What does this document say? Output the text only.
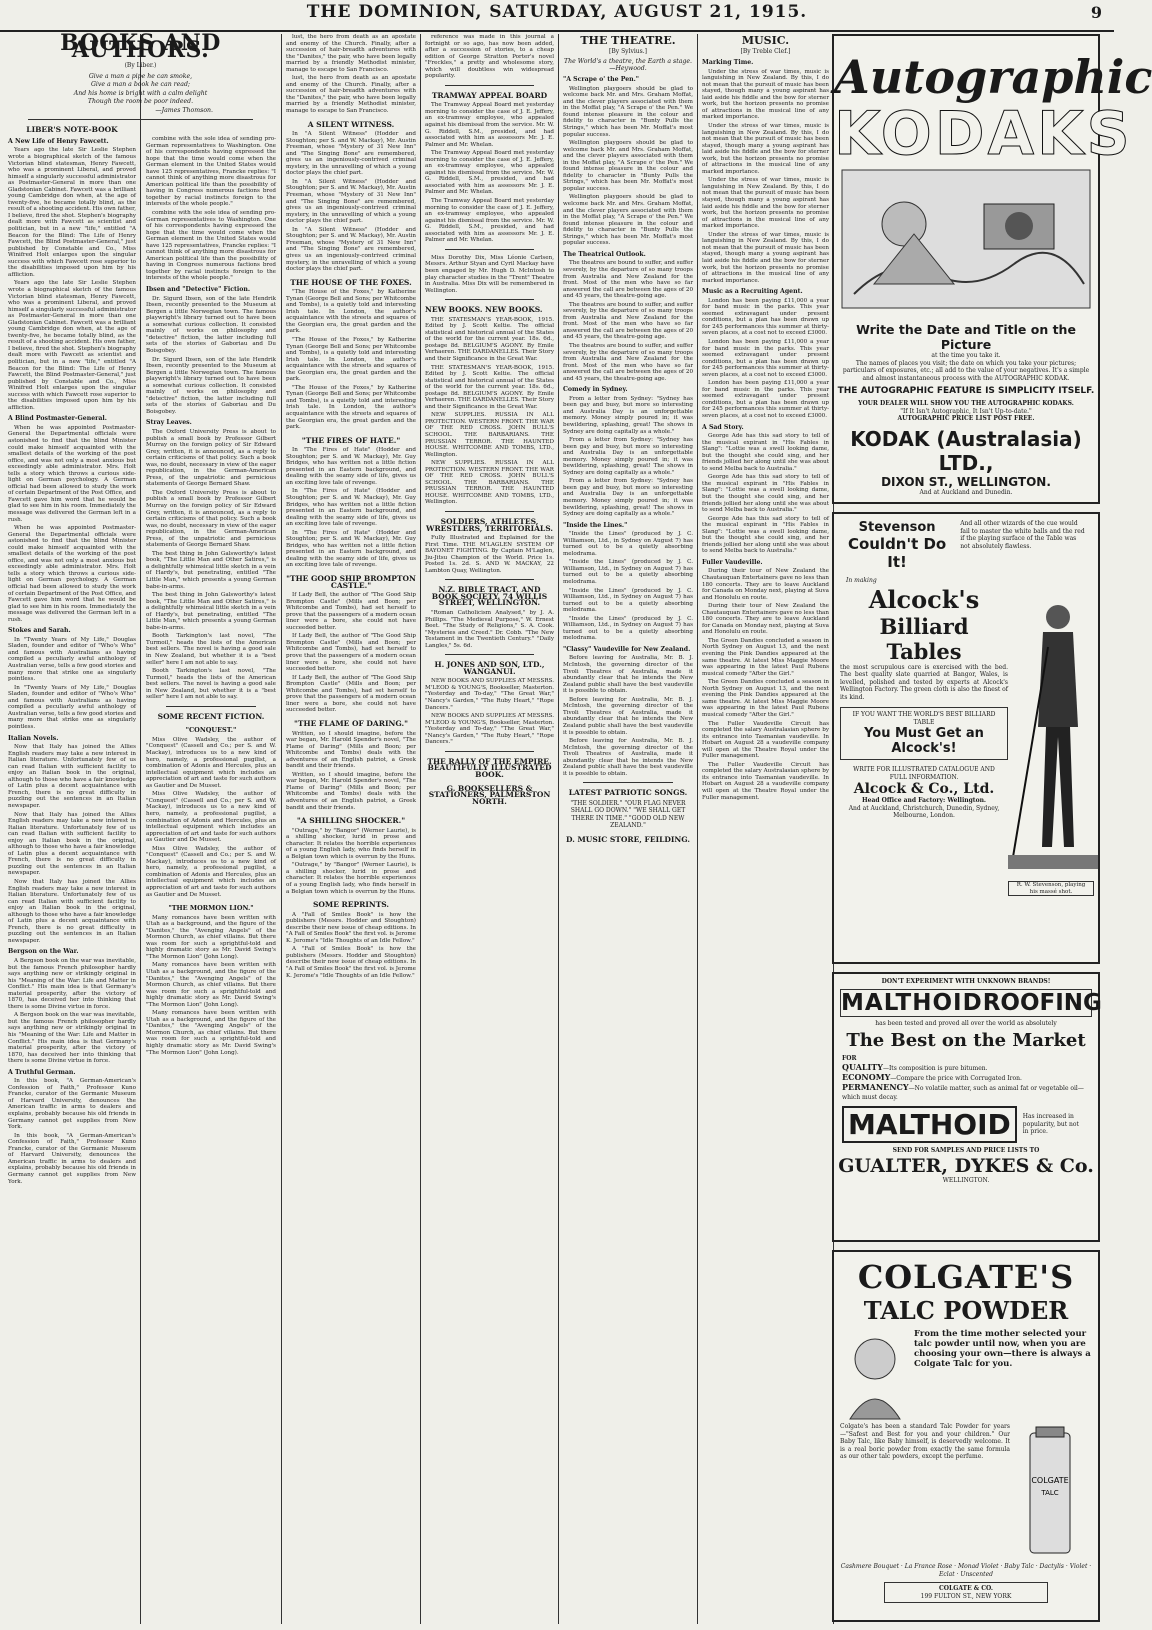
THE DOMINION, SATURDAY, AUGUST 21, 1915.	9
BOOKS AND AUTHORS.
(By Liber.)
Give a man a pipe he can smoke,
Give a man a book he can read;
And his home is bright with a calm delight
Though the room be poor indeed.
—James Thomson.
LIBER'S NOTE-BOOK
A New Life of Henry Fawcett.

Years ago the late Sir Leslie Stephen wrote a biographical sketch of the famous Victorian blind statesman, Henry Fawcett, who was a prominent Liberal, and proved himself a singularly successful administrator as Postmaster-General in more than one Gladstonian Cabinet. Fawcett was a brilliant young Cambridge don when, at the age of twenty-five, he became totally blind, as the result of a shooting accident. His own father, I believe, fired the shot. Stephen's biography dealt more with Fawcett as scientist and politician, but in a new "life," entitled "A Beacon for the Blind: The Life of Henry Fawcett, the Blind Postmaster-General," just published by Constable and Co., Miss Winifred Holt enlarges upon the singular success with which Fawcett rose superior to the disabilities imposed upon him by his affliction.

Years ago the late Sir Leslie Stephen wrote a biographical sketch of the famous Victorian blind statesman, Henry Fawcett, who was a prominent Liberal, and proved himself a singularly successful administrator as Postmaster-General in more than one Gladstonian Cabinet. Fawcett was a brilliant young Cambridge don when, at the age of twenty-five, he became totally blind, as the result of a shooting accident. His own father, I believe, fired the shot. Stephen's biography dealt more with Fawcett as scientist and politician, but in a new "life," entitled "A Beacon for the Blind: The Life of Henry Fawcett, the Blind Postmaster-General," just published by Constable and Co., Miss Winifred Holt enlarges upon the singular success with which Fawcett rose superior to the disabilities imposed upon him by his affliction.

A Blind Postmaster-General.

When he was appointed Postmaster-General the Departmental officials were astonished to find that the blind Minister could make himself acquainted with the smallest details of the working of the post office, and was not only a most anxious but exceedingly able administrator. Mrs. Holt tells a story which throws a curious side-light on German psychology. A German official had been allowed to study the work of certain Department of the Post Office, and Fawcett gave him word that he would be glad to see him in his room. Immediately the message was delivered the German left in a rush.

When he was appointed Postmaster-General the Departmental officials were astonished to find that the blind Minister could make himself acquainted with the smallest details of the working of the post office, and was not only a most anxious but exceedingly able administrator. Mrs. Holt tells a story which throws a curious side-light on German psychology. A German official had been allowed to study the work of certain Department of the Post Office, and Fawcett gave him word that he would be glad to see him in his room. Immediately the message was delivered the German left in a rush.

Stokes and Sarah.

In "Twenty Years of My Life," Douglas Sladen, founder and editor of "Who's Who" and famous with Australians as having compiled a peculiarly awful anthology of Australian verse, tells a few good stories and many more that strike one as singularly pointless.

In "Twenty Years of My Life," Douglas Sladen, founder and editor of "Who's Who" and famous with Australians as having compiled a peculiarly awful anthology of Australian verse, tells a few good stories and many more that strike one as singularly pointless.

Italian Novels.

Now that Italy has joined the Allies English readers may take a new interest in Italian literature. Unfortunately few of us can read Italian with sufficient facility to enjoy an Italian book in the original, although to those who have a fair knowledge of Latin plus a decent acquaintance with French, there is no great difficulty in puzzling out the sentences in an Italian newspaper.

Now that Italy has joined the Allies English readers may take a new interest in Italian literature. Unfortunately few of us can read Italian with sufficient facility to enjoy an Italian book in the original, although to those who have a fair knowledge of Latin plus a decent acquaintance with French, there is no great difficulty in puzzling out the sentences in an Italian newspaper.

Now that Italy has joined the Allies English readers may take a new interest in Italian literature. Unfortunately few of us can read Italian with sufficient facility to enjoy an Italian book in the original, although to those who have a fair knowledge of Latin plus a decent acquaintance with French, there is no great difficulty in puzzling out the sentences in an Italian newspaper.

Bergson on the War.

A Bergson book on the war was inevitable, but the famous French philosopher hardly says anything new or strikingly original in his "Meaning of the War: Life and Matter in Conflict." His main idea is that Germany's material prosperity, after the victory of 1870, has deceived her into thinking that there is some Divine virtue in force.

A Bergson book on the war was inevitable, but the famous French philosopher hardly says anything new or strikingly original in his "Meaning of the War: Life and Matter in Conflict." His main idea is that Germany's material prosperity, after the victory of 1870, has deceived her into thinking that there is some Divine virtue in force.

A Truthful German.

In this book, "A German-American's Confession of Faith," Professor Kuno Francke, curator of the Germanic Museum of Harvard University, denounces the American traffic in arms to dealers and explains, probably because his old friends in Germany cannot get supplies from New York.

In this book, "A German-American's Confession of Faith," Professor Kuno Francke, curator of the Germanic Museum of Harvard University, denounces the American traffic in arms to dealers and explains, probably because his old friends in Germany cannot get supplies from New York.

combine with the sole idea of sending pro-German representatives to Washington. One of his correspondents having expressed the hope that the time would come when the German element in the United States would have 125 representatives, Francke replies: "I cannot think of anything more disastrous for American political life than the possibility of having in Congress numerous factions bred together by racial instincts foreign to the interests of the whole people."

combine with the sole idea of sending pro-German representatives to Washington. One of his correspondents having expressed the hope that the time would come when the German element in the United States would have 125 representatives, Francke replies: "I cannot think of anything more disastrous for American political life than the possibility of having in Congress numerous factions bred together by racial instincts foreign to the interests of the whole people."

Ibsen and "Detective" Fiction.

Dr. Sigurd Ibsen, son of the late Hendrik Ibsen, recently presented to the Museum at Bergen a little Norwegian town. The famous playwright's library turned out to have been a somewhat curious collection. It consisted mainly of works on philosophy and "detective" fiction, the latter including full sets of the stories of Gaboriau and Du Boisgobey.

Dr. Sigurd Ibsen, son of the late Hendrik Ibsen, recently presented to the Museum at Bergen a little Norwegian town. The famous playwright's library turned out to have been a somewhat curious collection. It consisted mainly of works on philosophy and "detective" fiction, the latter including full sets of the stories of Gaboriau and Du Boisgobey.

Stray Leaves.

The Oxford University Press is about to publish a small book by Professor Gilbert Murray on the foreign policy of Sir Edward Grey, written, it is announced, as a reply to certain criticisms of that policy. Such a book was, no doubt, necessary in view of the eager republication, in the German-American Press, of the unpatriotic and pernicious statements of George Bernard Shaw.

The Oxford University Press is about to publish a small book by Professor Gilbert Murray on the foreign policy of Sir Edward Grey, written, it is announced, as a reply to certain criticisms of that policy. Such a book was, no doubt, necessary in view of the eager republication, in the German-American Press, of the unpatriotic and pernicious statements of George Bernard Shaw.

The best thing in John Galsworthy's latest book, "The Little Man and Other Satires," is a delightfully whimsical little sketch in a vein of Hardy's, but penetrating, entitled "The Little Man," which presents a young German babe-in-arms.

The best thing in John Galsworthy's latest book, "The Little Man and Other Satires," is a delightfully whimsical little sketch in a vein of Hardy's, but penetrating, entitled "The Little Man," which presents a young German babe-in-arms.

Booth Tarkington's last novel, "The Turmoil," heads the lists of the American best sellers. The novel is having a good sale in New Zealand, but whether it is a "best seller" here I am not able to say.

Booth Tarkington's last novel, "The Turmoil," heads the lists of the American best sellers. The novel is having a good sale in New Zealand, but whether it is a "best seller" here I am not able to say.

SOME RECENT FICTION.
"CONQUEST."

Miss Olive Wadsley, the author of "Conquest" (Cassell and Co.; per S. and W. Mackay), introduces us to a new kind of hero, namely, a professional pugilist, a combination of Adonis and Hercules, plus an intellectual equipment which includes an appreciation of art and taste for such authors as Gautier and De Musset.

Miss Olive Wadsley, the author of "Conquest" (Cassell and Co.; per S. and W. Mackay), introduces us to a new kind of hero, namely, a professional pugilist, a combination of Adonis and Hercules, plus an intellectual equipment which includes an appreciation of art and taste for such authors as Gautier and De Musset.

Miss Olive Wadsley, the author of "Conquest" (Cassell and Co.; per S. and W. Mackay), introduces us to a new kind of hero, namely, a professional pugilist, a combination of Adonis and Hercules, plus an intellectual equipment which includes an appreciation of art and taste for such authors as Gautier and De Musset.

"THE MORMON LION."

Many romances have been written with Utah as a background, and the figure of the "Danites," the "Avenging Angels" of the Mormon Church, as chief villains. But there was room for such a sprightful-told and highly dramatic story as Mr. David Swing's "The Mormon Lion" (John Long).

Many romances have been written with Utah as a background, and the figure of the "Danites," the "Avenging Angels" of the Mormon Church, as chief villains. But there was room for such a sprightful-told and highly dramatic story as Mr. David Swing's "The Mormon Lion" (John Long).

Many romances have been written with Utah as a background, and the figure of the "Danites," the "Avenging Angels" of the Mormon Church, as chief villains. But there was room for such a sprightful-told and highly dramatic story as Mr. David Swing's "The Mormon Lion" (John Long).

lust, the hero from death as an apostate and enemy of the Church. Finally, after a succession of hair-breadth adventures with the "Danites," the pair, who have been legally married by a friendly Methodist minister, manage to escape to San Francisco.

lust, the hero from death as an apostate and enemy of the Church. Finally, after a succession of hair-breadth adventures with the "Danites," the pair, who have been legally married by a friendly Methodist minister, manage to escape to San Francisco.

A SILENT WITNESS.

In "A Silent Witness" (Hodder and Stoughton; per S. and W. Mackay), Mr. Austin Freeman, whose "Mystery of 31 New Inn" and "The Singing Bone" are remembered, gives us an ingeniously-contrived criminal mystery, in the unravelling of which a young doctor plays the chief part.

In "A Silent Witness" (Hodder and Stoughton; per S. and W. Mackay), Mr. Austin Freeman, whose "Mystery of 31 New Inn" and "The Singing Bone" are remembered, gives us an ingeniously-contrived criminal mystery, in the unravelling of which a young doctor plays the chief part.

In "A Silent Witness" (Hodder and Stoughton; per S. and W. Mackay), Mr. Austin Freeman, whose "Mystery of 31 New Inn" and "The Singing Bone" are remembered, gives us an ingeniously-contrived criminal mystery, in the unravelling of which a young doctor plays the chief part.

THE HOUSE OF THE FOXES.

"The House of the Foxes," by Katherine Tynan (George Bell and Sons; per Whitcombe and Tombs), is a quietly told and interesting Irish tale. In London, the author's acquaintance with the streets and squares of the Georgian era, the great garden and the park.

"The House of the Foxes," by Katherine Tynan (George Bell and Sons; per Whitcombe and Tombs), is a quietly told and interesting Irish tale. In London, the author's acquaintance with the streets and squares of the Georgian era, the great garden and the park.

"The House of the Foxes," by Katherine Tynan (George Bell and Sons; per Whitcombe and Tombs), is a quietly told and interesting Irish tale. In London, the author's acquaintance with the streets and squares of the Georgian era, the great garden and the park.

"THE FIRES OF HATE."

In "The Fires of Hate" (Hodder and Stoughton; per S. and W. Mackay), Mr. Guy Bridges, who has written not a little fiction presented in an Eastern background, and dealing with the seamy side of life, gives us an exciting love tale of revenge.

In "The Fires of Hate" (Hodder and Stoughton; per S. and W. Mackay), Mr. Guy Bridges, who has written not a little fiction presented in an Eastern background, and dealing with the seamy side of life, gives us an exciting love tale of revenge.

In "The Fires of Hate" (Hodder and Stoughton; per S. and W. Mackay), Mr. Guy Bridges, who has written not a little fiction presented in an Eastern background, and dealing with the seamy side of life, gives us an exciting love tale of revenge.

"THE GOOD SHIP BROMPTON CASTLE."

If Lady Bell, the author of "The Good Ship Brompton Castle" (Mills and Boon; per Whitcombe and Tombs), had set herself to prove that the passengers of a modern ocean liner were a bore, she could not have succeeded better.

If Lady Bell, the author of "The Good Ship Brompton Castle" (Mills and Boon; per Whitcombe and Tombs), had set herself to prove that the passengers of a modern ocean liner were a bore, she could not have succeeded better.

If Lady Bell, the author of "The Good Ship Brompton Castle" (Mills and Boon; per Whitcombe and Tombs), had set herself to prove that the passengers of a modern ocean liner were a bore, she could not have succeeded better.

"THE FLAME OF DARING."

Written, so I should imagine, before the war began, Mr. Harold Spender's novel, "The Flame of Daring" (Mills and Boon; per Whitcombe and Tombs) deals with the adventures of an English patriot, a Greek bandit and their friends.

Written, so I should imagine, before the war began, Mr. Harold Spender's novel, "The Flame of Daring" (Mills and Boon; per Whitcombe and Tombs) deals with the adventures of an English patriot, a Greek bandit and their friends.

"A SHILLING SHOCKER."

"Outrage," by "Bangor" (Werner Laurie), is a shilling shocker, lurid in prose and character. It relates the horrible experiences of a young English lady, who finds herself in a Belgian town which is overrun by the Huns.

"Outrage," by "Bangor" (Werner Laurie), is a shilling shocker, lurid in prose and character. It relates the horrible experiences of a young English lady, who finds herself in a Belgian town which is overrun by the Huns.

SOME REPRINTS.

A "Fall of Smiles Book" is how the publishers (Messrs. Hodder and Stoughton) describe their new issue of cheap editions. In "A Fall of Smiles Book" the first vol. is Jerome K. Jerome's "Idle Thoughts of an Idle Fellow."

A "Fall of Smiles Book" is how the publishers (Messrs. Hodder and Stoughton) describe their new issue of cheap editions. In "A Fall of Smiles Book" the first vol. is Jerome K. Jerome's "Idle Thoughts of an Idle Fellow."

reference was made in this journal a fortnight or so ago, has now been added, after a succession of stories, to a cheap edition of George Stratton Porter's novel "Freckles," a pretty and wholesome story, which will doubtless win widespread popularity.

TRAMWAY APPEAL BOARD

The Tramway Appeal Board met yesterday morning to consider the case of J. E. Jeffery, an ex-tramway employee, who appealed against his dismissal from the service. Mr. W. G. Riddell, S.M., presided, and had associated with him as assessors Mr. J. E. Palmer and Mr. Whelan.

The Tramway Appeal Board met yesterday morning to consider the case of J. E. Jeffery, an ex-tramway employee, who appealed against his dismissal from the service. Mr. W. G. Riddell, S.M., presided, and had associated with him as assessors Mr. J. E. Palmer and Mr. Whelan.

The Tramway Appeal Board met yesterday morning to consider the case of J. E. Jeffery, an ex-tramway employee, who appealed against his dismissal from the service. Mr. W. G. Riddell, S.M., presided, and had associated with him as assessors Mr. J. E. Palmer and Mr. Whelan.

Miss Dorothy Dix, Miss Léonie Carlsen, Messrs. Arthur Styan and Cyril Mackay have been engaged by Mr. Hugh D. McIntosh to play character studies in the "Trent" Theatre in Australia. Miss Dix will be remembered in Wellington.

NEW BOOKS. NEW BOOKS.

THE STATESMAN'S YEAR-BOOK, 1915. Edited by J. Scott Keltie. The official statistical and historical annual of the States of the world for the current year. 18s. 6d., postage 8d. BELGIUM'S AGONY. By Emile Verhaeren. THE DARDANELLES. Their Story and their Significance in the Great War.

THE STATESMAN'S YEAR-BOOK, 1915. Edited by J. Scott Keltie. The official statistical and historical annual of the States of the world for the current year. 18s. 6d., postage 8d. BELGIUM'S AGONY. By Emile Verhaeren. THE DARDANELLES. Their Story and their Significance in the Great War.

NEW SUPPLIES. RUSSIA IN ALL PROTECTION. WESTERN FRONT. THE WAR OF THE RED CROSS. JOHN BULL'S SCHOOL. THE BARBARIANS. THE PRUSSIAN TERROR. THE HAUNTED HOUSE. WHITCOMBE AND TOMBS, LTD., Wellington.

NEW SUPPLIES. RUSSIA IN ALL PROTECTION. WESTERN FRONT. THE WAR OF THE RED CROSS. JOHN BULL'S SCHOOL. THE BARBARIANS. THE PRUSSIAN TERROR. THE HAUNTED HOUSE. WHITCOMBE AND TOMBS, LTD., Wellington.

SOLDIERS, ATHLETES, WRESTLERS, TERRITORIALS.

Fully Illustrated and Explained for the First Time. THE M'LAGLEN SYSTEM OF BAYONET FIGHTING. By Captain M'Laglen, Jiu-Jitsu Champion of the World. Price 1s. Posted 1s. 2d. S. AND W. MACKAY, 22 Lambton Quay, Wellington.

N.Z. BIBLE TRACT, AND BOOK SOCIETY. 74 WILLIS STREET, WELLINGTON.

"Roman Catholicism Analysed," by J. A. Phillips. "The Medieval Purpose," W. Ernest Beet. "The Study of Religions," S. A. Cook. "Mysteries and Creed." Dr. Cobb. "The New Testament in the Twentieth Century." "Daily Langles," 5s. 6d.

H. JONES AND SON, LTD., WANGANUI.

NEW BOOKS AND SUPPLIES AT MESSRS. M'LEOD & YOUNG'S, Bookseller, Masterton. "Yesterday and To-day," "The Great War," "Nancy's Garden," "The Ruby Heart," "Rope Dancers."

NEW BOOKS AND SUPPLIES AT MESSRS. M'LEOD & YOUNG'S, Bookseller, Masterton. "Yesterday and To-day," "The Great War," "Nancy's Garden," "The Ruby Heart," "Rope Dancers."

THE RALLY OF THE EMPIRE. BEAUTIFULLY ILLUSTRATED BOOK.
G. BOOKSELLERS & STATIONERS, PALMERSTON NORTH.
THE THEATRE.
[By Sylvius.]
The World's a theatre, the Earth a stage.—Heywood.
"A Scrape o' the Pen."

Wellington playgoers should be glad to welcome back Mr. and Mrs. Graham Moffat, and the clever players associated with them in the Moffat play, "A Scrape o' the Pen." We found intense pleasure in the colour and fidelity to character in "Bunty Pulls the Strings," which has been Mr. Moffat's most popular success.

Wellington playgoers should be glad to welcome back Mr. and Mrs. Graham Moffat, and the clever players associated with them in the Moffat play, "A Scrape o' the Pen." We found intense pleasure in the colour and fidelity to character in "Bunty Pulls the Strings," which has been Mr. Moffat's most popular success.

Wellington playgoers should be glad to welcome back Mr. and Mrs. Graham Moffat, and the clever players associated with them in the Moffat play, "A Scrape o' the Pen." We found intense pleasure in the colour and fidelity to character in "Bunty Pulls the Strings," which has been Mr. Moffat's most popular success.

The Theatrical Outlook.

The theatres are bound to suffer, and suffer severely, by the departure of so many troops from Australia and New Zealand for the front. Most of the men who have so far answered the call are between the ages of 20 and 45 years, the theatre-going age.

The theatres are bound to suffer, and suffer severely, by the departure of so many troops from Australia and New Zealand for the front. Most of the men who have so far answered the call are between the ages of 20 and 45 years, the theatre-going age.

The theatres are bound to suffer, and suffer severely, by the departure of so many troops from Australia and New Zealand for the front. Most of the men who have so far answered the call are between the ages of 20 and 45 years, the theatre-going age.

Comedy in Sydney.

From a letter from Sydney: "Sydney has been gay and busy, but more so interesting and Australia Day is an unforgettable memory. Money simply poured in; it was bewildering, splashing, great! The shows in Sydney are doing capitally as a whole."

From a letter from Sydney: "Sydney has been gay and busy, but more so interesting and Australia Day is an unforgettable memory. Money simply poured in; it was bewildering, splashing, great! The shows in Sydney are doing capitally as a whole."

From a letter from Sydney: "Sydney has been gay and busy, but more so interesting and Australia Day is an unforgettable memory. Money simply poured in; it was bewildering, splashing, great! The shows in Sydney are doing capitally as a whole."

"Inside the Lines."

"Inside the Lines" (produced by J. C. Williamson, Ltd., in Sydney on August 7) has turned out to be a quietly absorbing melodrama.

"Inside the Lines" (produced by J. C. Williamson, Ltd., in Sydney on August 7) has turned out to be a quietly absorbing melodrama.

"Inside the Lines" (produced by J. C. Williamson, Ltd., in Sydney on August 7) has turned out to be a quietly absorbing melodrama.

"Inside the Lines" (produced by J. C. Williamson, Ltd., in Sydney on August 7) has turned out to be a quietly absorbing melodrama.

"Classy" Vaudeville for New Zealand.

Before leaving for Australia, Mr. B. J. McIntosh, the governing director of the Tivoli Theatres of Australia, made it abundantly clear that he intends the New Zealand public shall have the best vaudeville it is possible to obtain.

Before leaving for Australia, Mr. B. J. McIntosh, the governing director of the Tivoli Theatres of Australia, made it abundantly clear that he intends the New Zealand public shall have the best vaudeville it is possible to obtain.

Before leaving for Australia, Mr. B. J. McIntosh, the governing director of the Tivoli Theatres of Australia, made it abundantly clear that he intends the New Zealand public shall have the best vaudeville it is possible to obtain.

LATEST PATRIOTIC SONGS.
"THE SOLDIER." "OUR FLAG NEVER SHALL GO DOWN." "WE SHALL GET THERE IN TIME." "GOOD OLD NEW ZEALAND."
D. MUSIC STORE, FEILDING.
MUSIC.
[By Treble Clef.]
Marking Time.

Under the stress of war times, music is languishing in New Zealand. By this, I do not mean that the pursuit of music has been stayed, though many a young aspirant has laid aside his fiddle and the bow for sterner work, but the horizon presents no promise of attractions in the musical line of any marked importance.

Under the stress of war times, music is languishing in New Zealand. By this, I do not mean that the pursuit of music has been stayed, though many a young aspirant has laid aside his fiddle and the bow for sterner work, but the horizon presents no promise of attractions in the musical line of any marked importance.

Under the stress of war times, music is languishing in New Zealand. By this, I do not mean that the pursuit of music has been stayed, though many a young aspirant has laid aside his fiddle and the bow for sterner work, but the horizon presents no promise of attractions in the musical line of any marked importance.

Under the stress of war times, music is languishing in New Zealand. By this, I do not mean that the pursuit of music has been stayed, though many a young aspirant has laid aside his fiddle and the bow for sterner work, but the horizon presents no promise of attractions in the musical line of any marked importance.

Music as a Recruiting Agent.

London has been paying £11,000 a year for band music in the parks. This year seemed extravagant under present conditions, but a plan has been drawn up for 245 performances this summer at thirty-seven places, at a cost not to exceed £3000.

London has been paying £11,000 a year for band music in the parks. This year seemed extravagant under present conditions, but a plan has been drawn up for 245 performances this summer at thirty-seven places, at a cost not to exceed £3000.

London has been paying £11,000 a year for band music in the parks. This year seemed extravagant under present conditions, but a plan has been drawn up for 245 performances this summer at thirty-seven places, at a cost not to exceed £3000.

A Sad Story.

George Ade has this sad story to tell of the musical expirant in "His Fables in Slang": "Lottie was a swell looking dame, but the thought she could sing, and her friends jollied her along until she was about to send Melba back to Australia."

George Ade has this sad story to tell of the musical expirant in "His Fables in Slang": "Lottie was a swell looking dame, but the thought she could sing, and her friends jollied her along until she was about to send Melba back to Australia."

George Ade has this sad story to tell of the musical expirant in "His Fables in Slang": "Lottie was a swell looking dame, but the thought she could sing, and her friends jollied her along until she was about to send Melba back to Australia."

Fuller Vaudeville.

During their tour of New Zealand the Chautauquan Entertainers gave no less than 180 concerts. They are to leave Auckland for Canada on Monday next, playing at Suva and Honolulu en route.

During their tour of New Zealand the Chautauquan Entertainers gave no less than 180 concerts. They are to leave Auckland for Canada on Monday next, playing at Suva and Honolulu en route.

The Green Dandies concluded a season in North Sydney on August 13, and the next evening the Pink Dandies appeared at the same theatre. At latest Miss Maggie Moore was appearing in the latest Paul Rubens musical comedy "After the Girl."

The Green Dandies concluded a season in North Sydney on August 13, and the next evening the Pink Dandies appeared at the same theatre. At latest Miss Maggie Moore was appearing in the latest Paul Rubens musical comedy "After the Girl."

The Fuller Vaudeville Circuit has completed the salary Australasian sphere by its entrance into Tasmanian vaudeville. In Hobart on August 28 a vaudeville company will open at the Theatre Royal under the Fuller management.

The Fuller Vaudeville Circuit has completed the salary Australasian sphere by its entrance into Tasmanian vaudeville. In Hobart on August 28 a vaudeville company will open at the Theatre Royal under the Fuller management.

Autographic
KODAKS
Write the Date and Title on the Picture
at the time you take it.
The names of places you visit; the date on which you take your pictures; particulars of exposures, etc.; all add to the value of your negatives. It's a simple and almost instantaneous process with the AUTOGRAPHIC KODAK.
THE AUTOGRAPHIC FEATURE IS SIMPLICITY ITSELF.
YOUR DEALER WILL SHOW YOU THE AUTOGRAPHIC KODAKS.
"If It Isn't Autographic, It Isn't Up-to-date."
AUTOGRAPHIC PRICE LIST POST FREE.
KODAK (Australasia) LTD.,
DIXON ST., WELLINGTON.
And at Auckland and Dunedin.
Stevenson
Couldn't Do It!
And all other wizards of the cue would fail to master the white balls and the red if the playing surface of the Table was not absolutely flawless.
In making
Alcock's
Billiard Tables
the most scrupulous care is exercised with the bed. The best quality slate quarried at Bangor, Wales, is levelled, polished and tested by experts at Alcock's Wellington Factory. The green cloth is also the finest of its kind.
IF YOU WANT THE WORLD'S BEST BILLIARD TABLE
You Must Get an Alcock's!
WRITE FOR ILLUSTRATED CATALOGUE AND FULL INFORMATION.
Alcock & Co., Ltd.
Head Office and Factory: Wellington.
And at Auckland, Christchurch, Dunedin, Sydney, Melbourne, London.
R. W. Stevenson, playing his massé shot.
DON'T EXPERIMENT WITH UNKNOWN BRANDS!
MALTHOID ROOFING
has been tested and proved all over the world as absolutely
The Best on the Market
FOR
QUALITY—Its composition is pure bitumen.
ECONOMY—Compare the price with Corrugated Iron.
PERMANENCY—No volatile matter, such as animal fat or vegetable oil—which must decay.
MALTHOID	Has increased in popularity, but not in price.
SEND FOR SAMPLES AND PRICE LISTS TO
GUALTER, DYKES & Co.
WELLINGTON.
COLGATE'S
TALC POWDER
From the time mother selected your talc powder until now, when you are choosing your own—there is always a Colgate Talc for you.
Colgate's has been a standard Talc Powder for years—"Safest and Best for you and your children." Our Baby Talc, like Baby himself, is deservedly welcome. It is a real boric powder from exactly the same formula as our other talc powders, except the perfume.
COLGATE
TALC
Cashmere Bouquet · La France Rose · Monad Violet · Baby Talc · Dactylis · Violet · Eclat · Unscented
COLGATE & CO.
199 FULTON ST., NEW YORK
